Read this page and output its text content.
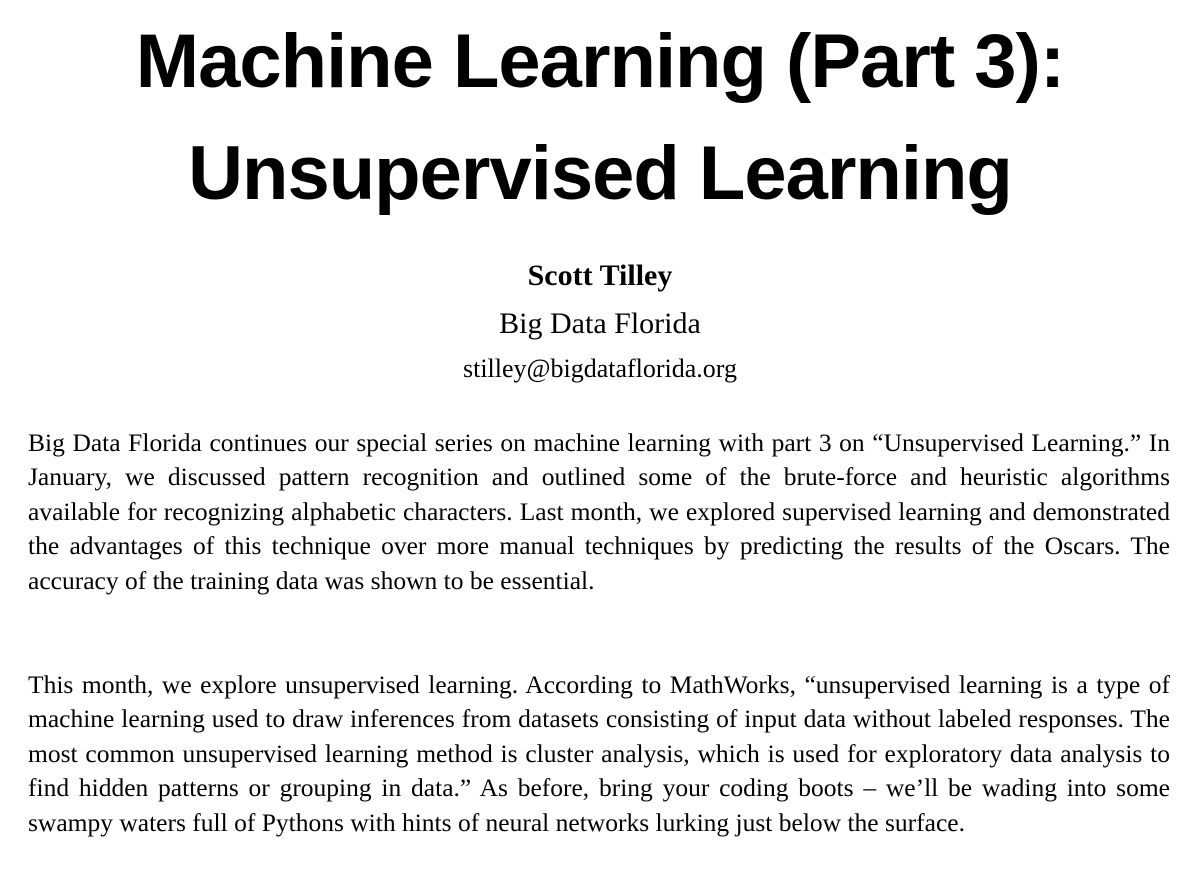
Machine Learning (Part 3):
Unsupervised Learning
Scott Tilley
Big Data Florida
stilley@bigdataflorida.org

Big Data Florida continues our special series on machine learning with part 3 on “Unsupervised Learning.” In January, we discussed pattern recognition and outlined some of the brute-force and heuristic algorithms available for recognizing alphabetic characters. Last month, we explored supervised learning and demonstrated the advantages of this technique over more manual techniques by predicting the results of the Oscars. The accuracy of the training data was shown to be essential.

This month, we explore unsupervised learning. According to MathWorks, “unsupervised learning is a type of machine learning used to draw inferences from datasets consisting of input data without labeled responses. The most common unsupervised learning method is cluster analysis, which is used for exploratory data analysis to find hidden patterns or grouping in data.” As before, bring your coding boots – we’ll be wading into some swampy waters full of Pythons with hints of neural networks lurking just below the surface.
